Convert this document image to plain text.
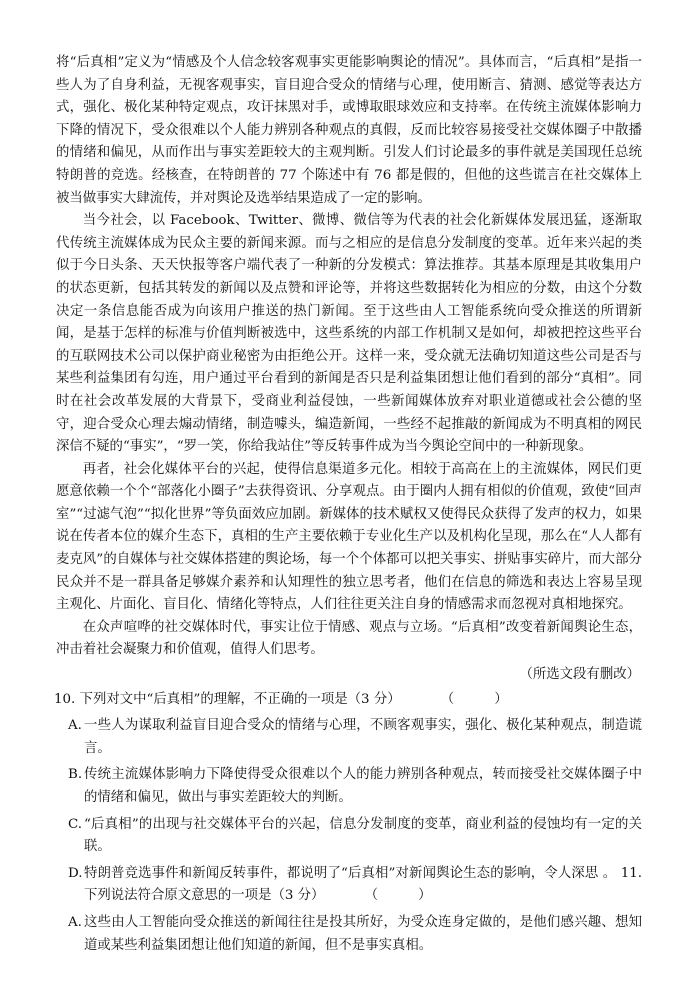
将“后真相”定义为“情感及个人信念较客观事实更能影响舆论的情况”。具体而言，“后真相”是指一些人为了自身利益，无视客观事实，盲目迎合受众的情绪与心理，使用断言、猜测、感觉等表达方式，强化、极化某种特定观点，攻讦抹黑对手，或博取眼球效应和支持率。在传统主流媒体影响力下降的情况下，受众很难以个人能力辨别各种观点的真假，反而比较容易接受社交媒体圈子中散播的情绪和偏见，从而作出与事实差距较大的主观判断。引发人们讨论最多的事件就是美国现任总统特朗普的竞选。经核查，在特朗普的 77 个陈述中有 76 都是假的，但他的这些谎言在社交媒体上被当做事实大肆流传，并对舆论及选举结果造成了一定的影响。

当今社会，以 Facebook、Twitter、微博、微信等为代表的社会化新媒体发展迅猛，逐渐取代传统主流媒体成为民众主要的新闻来源。而与之相应的是信息分发制度的变革。近年来兴起的类似于今日头条、天天快报等客户端代表了一种新的分发模式：算法推荐。其基本原理是其收集用户的状态更新，包括其转发的新闻以及点赞和评论等，并将这些数据转化为相应的分数，由这个分数决定一条信息能否成为向该用户推送的热门新闻。至于这些由人工智能系统向受众推送的所谓新闻，是基于怎样的标准与价值判断被选中，这些系统的内部工作机制又是如何，却被把控这些平台的互联网技术公司以保护商业秘密为由拒绝公开。这样一来，受众就无法确切知道这些公司是否与某些利益集团有勾连，用户通过平台看到的新闻是否只是利益集团想让他们看到的部分“真相”。同时在社会改革发展的大背景下，受商业利益侵蚀，一些新闻媒体放弃对职业道德或社会公德的坚守，迎合受众心理去煽动情绪，制造噱头，编造新闻，一些经不起推敲的新闻成为不明真相的网民深信不疑的“事实”，“罗一笑，你给我站住”等反转事件成为当今舆论空间中的一种新现象。

再者，社会化媒体平台的兴起，使得信息渠道多元化。相较于高高在上的主流媒体，网民们更愿意依赖一个个“部落化小圈子”去获得资讯、分享观点。由于圈内人拥有相似的价值观，致使“回声室”“过滤气泡”“拟化世界”等负面效应加剧。新媒体的技术赋权又使得民众获得了发声的权力，如果说在传者本位的媒介生态下，真相的生产主要依赖于专业化生产以及机构化呈现，那么在“人人都有麦克风”的自媒体与社交媒体搭建的舆论场，每一个个体都可以把关事实、拼贴事实碎片，而大部分民众并不是一群具备足够媒介素养和认知理性的独立思考者，他们在信息的筛选和表达上容易呈现主观化、片面化、盲目化、情绪化等特点，人们往往更关注自身的情感需求而忽视对真相地探究。

在众声喧哗的社交媒体时代，事实让位于情感、观点与立场。“后真相”改变着新闻舆论生态，冲击着社会凝聚力和价值观，值得人们思考。

（所选文段有删改）

10. 下列对文中“后真相”的理解，不正确的一项是（3 分）　　　　（　　　）

A. 一些人为谋取利益盲目迎合受众的情绪与心理，不顾客观事实，强化、极化某种观点，制造谎言。
B. 传统主流媒体影响力下降使得受众很难以个人的能力辨别各种观点，转而接受社交媒体圈子中的情绪和偏见，做出与事实差距较大的判断。
C. “后真相”的出现与社交媒体平台的兴起，信息分发制度的变革，商业利益的侵蚀均有一定的关联。
D. 特朗普竞选事件和新闻反转事件，都说明了“后真相”对新闻舆论生态的影响，令人深思 。 11. 下列说法符合原文意思的一项是（3 分）　　　　（　　　）
A. 这些由人工智能向受众推送的新闻往往是投其所好，为受众连身定做的，是他们感兴趣、想知道或某些利益集团想让他们知道的新闻，但不是事实真相。
